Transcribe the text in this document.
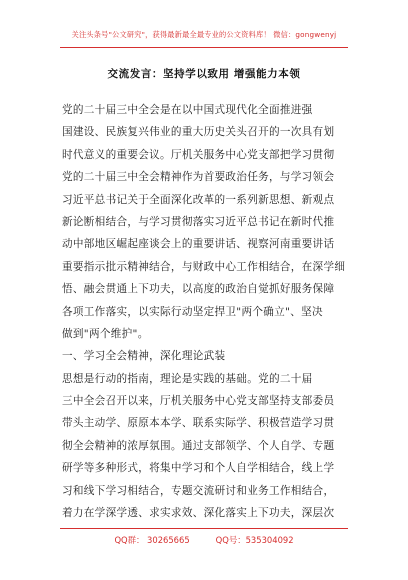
关注头条号"公文研究"，获得最新最全最专业的公文资料库！ 微信：gongwenyj
交流发言：坚持学以致用 增强能力本领
党的二十届三中全会是在以中国式现代化全面推进强
国建设、民族复兴伟业的重大历史关头召开的一次具有划
时代意义的重要会议。厅机关服务中心党支部把学习贯彻
党的二十届三中全会精神作为首要政治任务，与学习领会
习近平总书记关于全面深化改革的一系列新思想、新观点
新论断相结合，与学习贯彻落实习近平总书记在新时代推
动中部地区崛起座谈会上的重要讲话、视察河南重要讲话
重要指示批示精神结合，与财政中心工作相结合，在深学细
悟、融会贯通上下功夫，以高度的政治自觉抓好服务保障
各项工作落实，以实际行动坚定捍卫"两个确立"、坚决
做到"两个维护"。
一、学习全会精神，深化理论武装
思想是行动的指南，理论是实践的基础。党的二十届
三中全会召开以来，厅机关服务中心党支部坚持支部委员
带头主动学、原原本本学、联系实际学、积极营造学习贯
彻全会精神的浓厚氛围。通过支部领学、个人自学、专题
研学等多种形式，将集中学习和个人自学相结合，线上学
习和线下学习相结合，专题交流研讨和业务工作相结合，
着力在学深学透、求实求效、深化落实上下功夫，深层次
QQ群： 30265665	QQ号：535304092
